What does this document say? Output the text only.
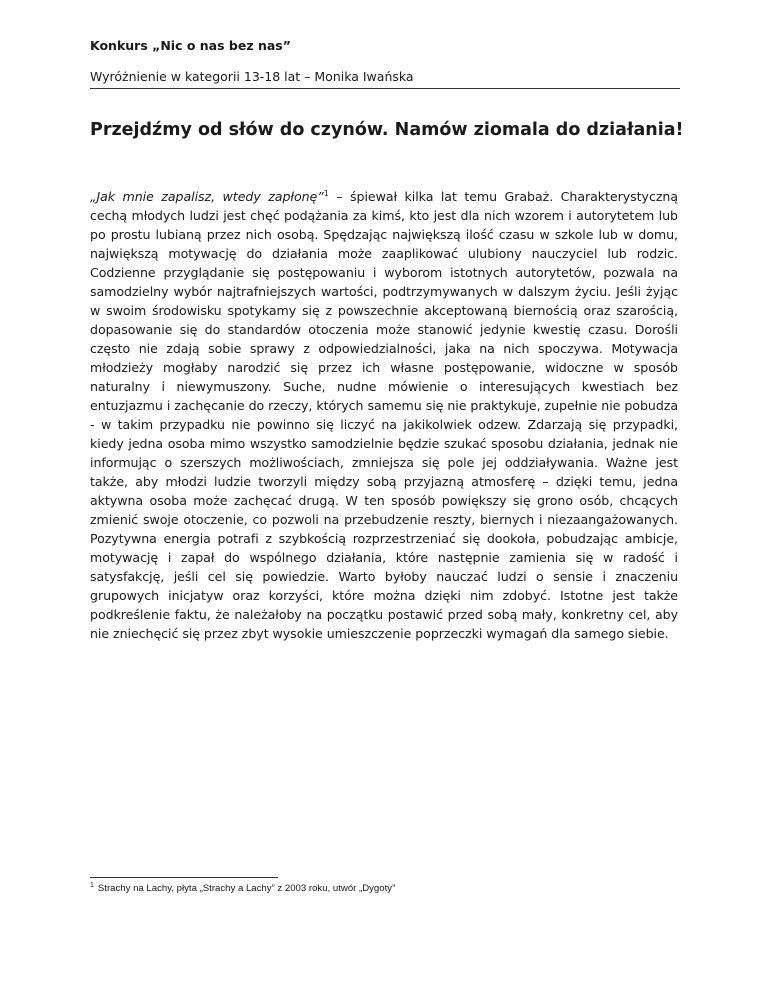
Konkurs „Nic o nas bez nas”
Wyróżnienie w kategorii 13-18 lat – Monika Iwańska
Przejdźmy od słów do czynów. Namów ziomala do działania!

„Jak mnie zapalisz, wtedy zapłonę”$^1$ – śpiewał kilka lat temu Grabaż. Charakterystyczną cechą młodych ludzi jest chęć podążania za kimś, kto jest dla nich wzorem i autorytetem lub po prostu lubianą przez nich osobą. Spędzając największą ilość czasu w szkole lub w domu, największą motywację do działania może zaaplikować ulubiony nauczyciel lub rodzic. Codzienne przyglądanie się postępowaniu i wyborom istotnych autorytetów, pozwala na samodzielny wybór najtrafniejszych wartości, podtrzymywanych w dalszym życiu. Jeśli żyjąc w swoim środowisku spotykamy się z powszechnie akceptowaną biernością oraz szarością, dopasowanie się do standardów otoczenia może stanowić jedynie kwestię czasu. Dorośli często nie zdają sobie sprawy z odpowiedzialności, jaka na nich spoczywa. Motywacja młodzieży mogłaby narodzić się przez ich własne postępowanie, widoczne w sposób naturalny i niewymuszony. Suche, nudne mówienie o interesujących kwestiach bez entuzjazmu i zachęcanie do rzeczy, których samemu się nie praktykuje, zupełnie nie pobudza - w takim przypadku nie powinno się liczyć na jakikolwiek odzew. Zdarzają się przypadki, kiedy jedna osoba mimo wszystko samodzielnie będzie szukać sposobu działania, jednak nie informując o szerszych możliwościach, zmniejsza się pole jej oddziaływania. Ważne jest także, aby młodzi ludzie tworzyli między sobą przyjazną atmosferę – dzięki temu, jedna aktywna osoba może zachęcać drugą. W ten sposób powiększy się grono osób, chcących zmienić swoje otoczenie, co pozwoli na przebudzenie reszty, biernych i niezaangażowanych. Pozytywna energia potrafi z szybkością rozprzestrzeniać się dookoła, pobudzając ambicje, motywację i zapał do wspólnego działania, które następnie zamienia się w radość i satysfakcję, jeśli cel się powiedzie. Warto byłoby nauczać ludzi o sensie i znaczeniu grupowych inicjatyw oraz korzyści, które można dzięki nim zdobyć. Istotne jest także podkreślenie faktu, że należałoby na początku postawić przed sobą mały, konkretny cel, aby nie zniechęcić się przez zbyt wysokie umieszczenie poprzeczki wymagań dla samego siebie.

$^1$ Strachy na Lachy, płyta „Strachy a Lachy” z 2003 roku, utwór „Dygoty”
